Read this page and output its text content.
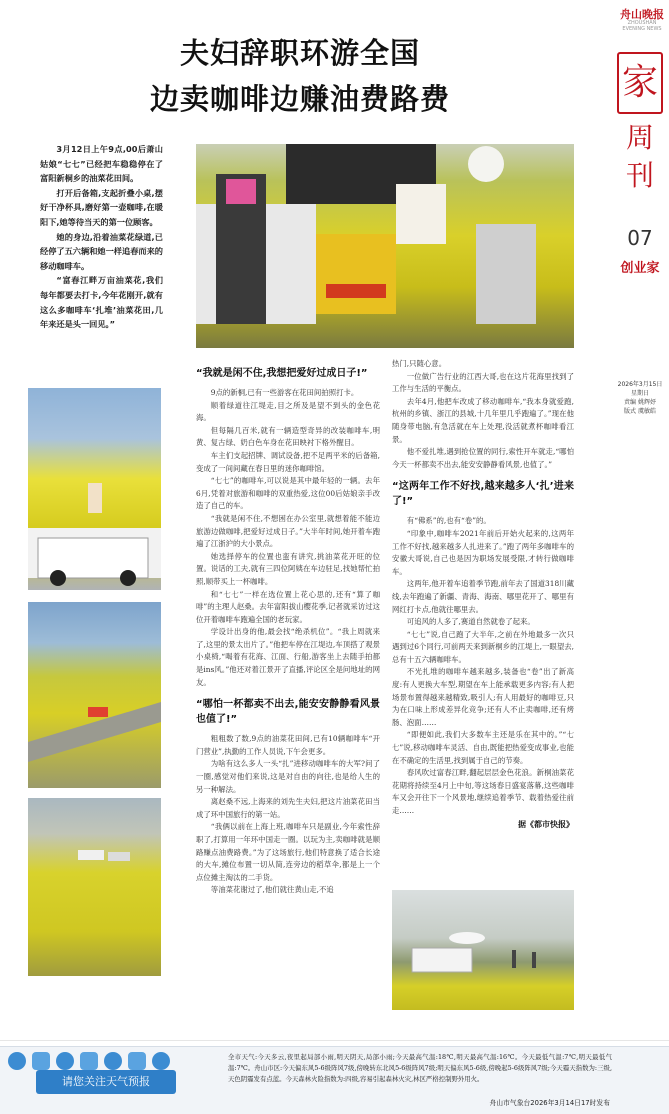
舟山晚报
ZHOUSHAN EVENING NEWS
家
周
刊
07
创业家
2026年3月15日
星期日
责编 姚辉妤
版式 虞敏皓
夫妇辞职环游全国
边卖咖啡边赚油费路费

3月12日上午9点,00后萧山姑娘“七七”已经把车稳稳停在了富阳新桐乡的油菜花田间。

打开后备箱,支起折叠小桌,摆好干净杯具,磨好第一壶咖啡,在暖阳下,她等待当天的第一位顾客。

她的身边,沿着油菜花绿道,已经停了五六辆和她一样追春而来的移动咖啡车。

“富春江畔万亩油菜花,我们每年都要去打卡,今年花刚开,就有这么多咖啡车‘扎堆’油菜花田,几年来还是头一回见。”

“我就是闲不住,我想把爱好过成日子!”

9点的新桐,已有一些游客在花田间拍照打卡。

顺着绿道往江堤走,目之所及是望不到头的金色花海。

但每隔几百米,就有一辆造型奇异的改装咖啡车,明黄、复古绿、奶白色车身在花田映衬下格外醒目。

车主们支起招牌、调试设备,把不足两平米的后备箱,变成了一间间藏在春日里的迷你咖啡馆。

“七七”的咖啡车,可以说是其中最年轻的一辆。去年6月,凭着对旅游和咖啡的双重热爱,这位00后姑娘亲手改造了自己的车。

“我就是闲不住,不想困在办公室里,就想着能不能边旅游边做咖啡,把爱好过成日子。”大半年时间,她开着车跑遍了江浙沪的大小景点。

她选择停车的位置也蛮有讲究,挑油菜花开旺的位置。说话的工夫,就有三四位阿姨在车边驻足,找她帮忙拍照,顺带买上一杯咖啡。

和“七七”一样在选位置上花心思的,还有“算了咖啡”的主理人赵桑。去年富阳拔山樱花季,记者就采访过这位开着咖啡车跑遍全国的老玩家。

学设计出身的他,最会找“绝杀机位”。“我上周就来了,这里的景太出片了。”他把车停在江堤边,车顶搭了观景小桌椅,“喝着有花海、江面、行船,游客坐上去随手拍都是ins风。”他还对着江景开了直播,评论区全是问地址的网友。

“哪怕一杯都卖不出去,能安安静静看风景也值了!”

粗粗数了数,9点的油菜花田间,已有10辆咖啡车“开门营业”,执勤的工作人员说,下午会更多。

为啥有这么多人一头“扎”进移动咖啡车的大军?问了一圈,感觉对他们来说,这是对自由的向往,也是给人生的另一种解法。

离赵桑不远,上海来的刘先生夫妇,把这片油菜花田当成了环中国旅行的第一站。

“我俩以前在上海上班,咖啡车只是副业,今年索性辞职了,打算用一年环中国走一圈。以玩为主,卖咖啡就是顺路赚点油费路费。”为了这场旅行,他们特意换了适合长途的大车,摊位布置一切从简,连旁边的稻草伞,都是上一个点位摊主淘汰的二手货。

等油菜花谢过了,他们就往黄山走,不追

热门,只随心意。

一位做广告行业的江西大哥,也在这片花海里找到了工作与生活的平衡点。

去年4月,他把车改成了移动咖啡车,“我本身就爱跑,杭州的乡镇、浙江的县城,十几年里几乎跑遍了。”现在他随身带电脑,有急活就在车上处理,没活就煮杯咖啡看江景。

他不爱扎堆,遇到抢位置的同行,索性开车就走,“哪怕今天一杯都卖不出去,能安安静静看风景,也值了。”

“这两年工作不好找,越来越多人‘扎’进来了!”

有“佛系”的,也有“卷”的。

“印象中,咖啡车2021年前后开始火起来的,这两年工作不好找,越来越多人扎进来了。”跑了两年多咖啡车的安徽大哥说,自己也是因为职场发展受限,才转行做咖啡车。

这两年,他开着车追着季节跑,前年去了国道318川藏线,去年跑遍了新疆、青海、海南、哪里花开了、哪里有网红打卡点,他就往哪里去。

可追风的人多了,赛道自然就卷了起来。

“七七”说,自己跑了大半年,之前在外地最多一次只遇到过6个同行,可前两天来到新桐乡的江堤上,一眼望去,总有十五六辆咖啡车。

不光扎堆的咖啡车越来越多,装备也“卷”出了新高度:有人更换大车型,期望在车上能承载更多内容;有人把场景布置得越来越精致,吸引人;有人用最好的咖啡豆,只为在口味上形成差异化竞争;还有人不止卖咖啡,还有烤肠、泡面……

“即便如此,我们大多数车主还是乐在其中的。”“七七”说,移动咖啡车灵活、自由,既能把热爱变成事业,也能在不确定的生活里,找到属于自己的节奏。

春风吹过富春江畔,翻起层层金色花浪。新桐油菜花花期将持续至4月上中旬,等这场春日盛宴落幕,这些咖啡车又会开往下一个风景地,继续追着季节、载着热爱往前走……

据《都市快报》

请您关注天气预报
全市天气:今天多云,夜里起局部小雨,明天阴天,局部小雨;今天最高气温:18℃,明天最高气温:16℃。今天最低气温:7℃,明天最低气温:7℃。舟山市区:今天偏东风5-6级阵风7级,傍晚转东北风5-6级阵风7级;明天偏东风5-6级,傍晚起5-6级阵风7级;今天霾天指数为:三级,天色阴霾发有点蓝。今天森林火险指数为:四级,容易引起森林火灾,林区严格控制野外用火。
舟山市气象台2026年3月14日17时发布
